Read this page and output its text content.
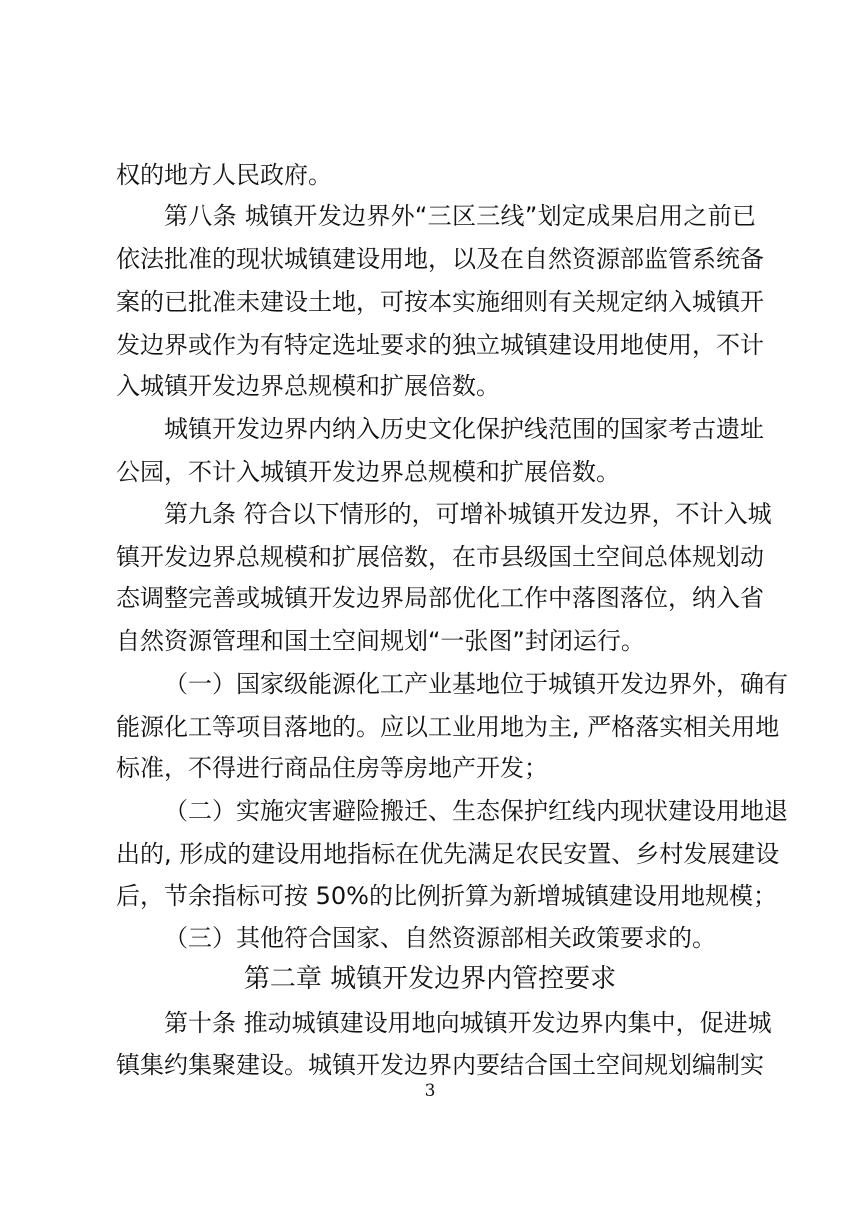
权的地方人民政府。
第八条 城镇开发边界外“三区三线”划定成果启用之前已
依法批准的现状城镇建设用地，以及在自然资源部监管系统备
案的已批准未建设土地，可按本实施细则有关规定纳入城镇开
发边界或作为有特定选址要求的独立城镇建设用地使用，不计
入城镇开发边界总规模和扩展倍数。
城镇开发边界内纳入历史文化保护线范围的国家考古遗址
公园，不计入城镇开发边界总规模和扩展倍数。
第九条 符合以下情形的，可增补城镇开发边界，不计入城
镇开发边界总规模和扩展倍数，在市县级国土空间总体规划动
态调整完善或城镇开发边界局部优化工作中落图落位，纳入省
自然资源管理和国土空间规划“一张图”封闭运行。
（一）国家级能源化工产业基地位于城镇开发边界外，确有
能源化工等项目落地的。应以工业用地为主, 严格落实相关用地
标准，不得进行商品住房等房地产开发；
（二）实施灾害避险搬迁、生态保护红线内现状建设用地退
出的, 形成的建设用地指标在优先满足农民安置、乡村发展建设
后，节余指标可按 50%的比例折算为新增城镇建设用地规模；
（三）其他符合国家、自然资源部相关政策要求的。
第二章 城镇开发边界内管控要求
第十条 推动城镇建设用地向城镇开发边界内集中，促进城
镇集约集聚建设。城镇开发边界内要结合国土空间规划编制实
3
